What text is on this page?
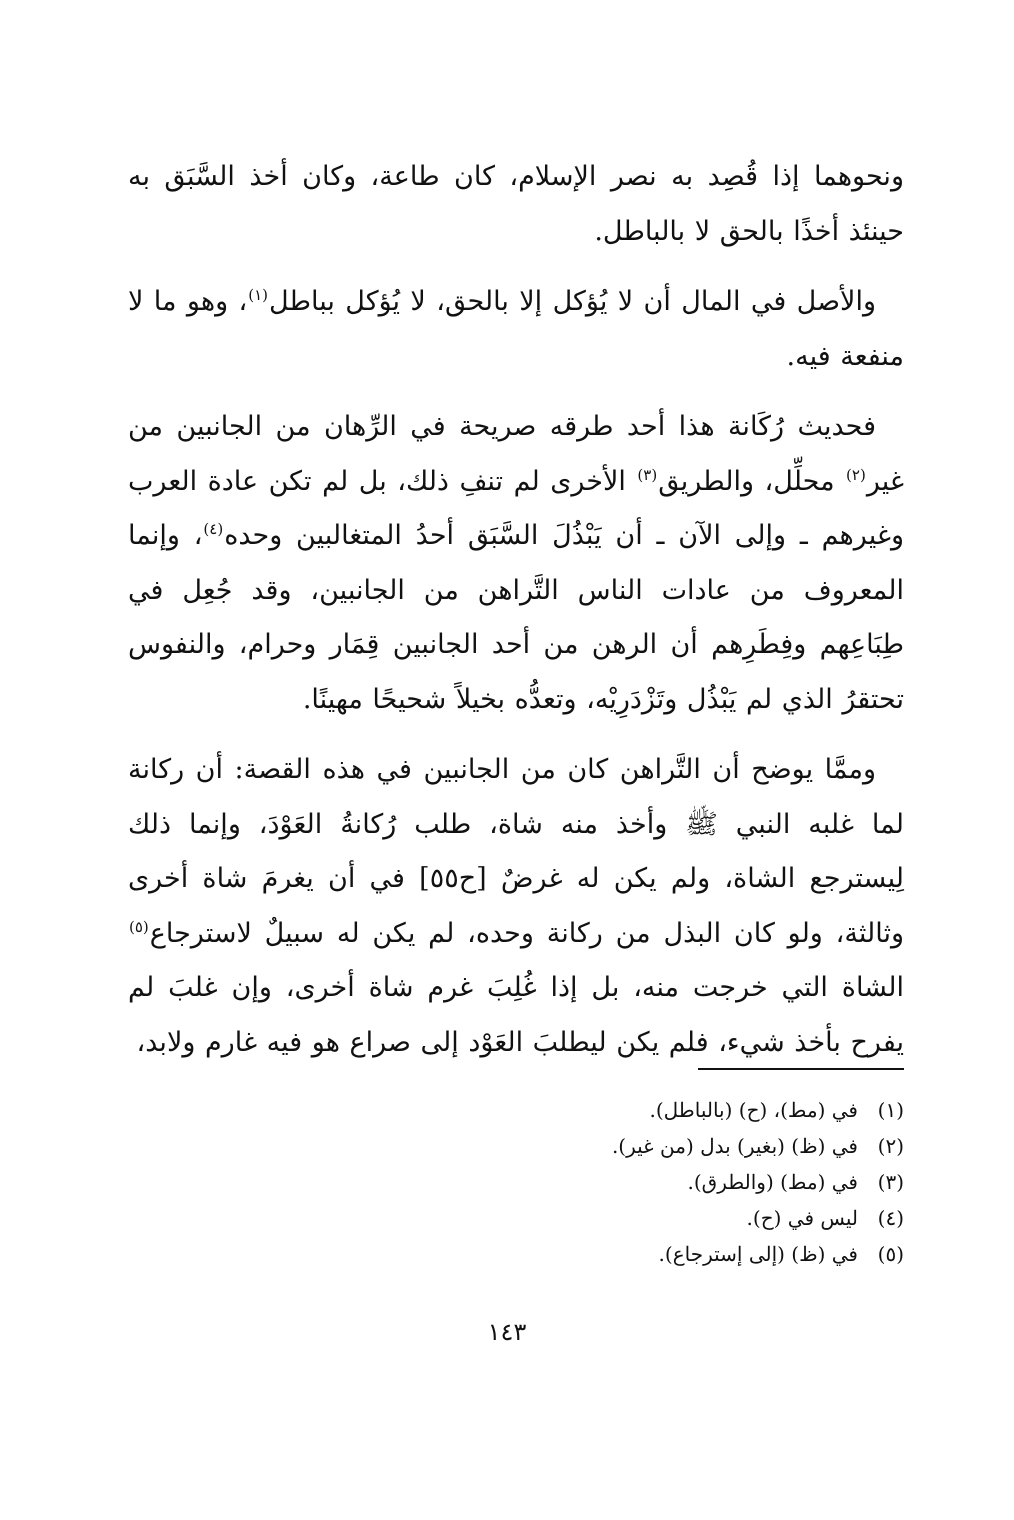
ونحوهما إذا قُصِد به نصر الإسلام، كان طاعة، وكان أخذ السَّبَق به حينئذ أخذًا بالحق لا بالباطل.

والأصل في المال أن لا يُؤكل إلا بالحق، لا يُؤكل بباطل$^{(١)}$، وهو ما لا منفعة فيه.

فحديث رُكَانة هذا أحد طرقه صريحة في الرِّهان من الجانبين من غير$^{(٢)}$ محلِّل، والطريق$^{(٣)}$ الأخرى لم تنفِ ذلك، بل لم تكن عادة العرب وغيرهم ـ وإلى الآن ـ أن يَبْذُلَ السَّبَق أحدُ المتغالبين وحده$^{(٤)}$، وإنما المعروف من عادات الناس التَّراهن من الجانبين، وقد جُعِل في طِبَاعِهم وفِطَرِهم أن الرهن من أحد الجانبين قِمَار وحرام، والنفوس تحتقرُ الذي لم يَبْذُل وتَزْدَرِيْه، وتعدُّه بخيلاً شحيحًا مهينًا.

وممَّا يوضح أن التَّراهن كان من الجانبين في هذه القصة: أن ركانة لما غلبه النبي ﷺ وأخذ منه شاة، طلب رُكانةُ العَوْدَ، وإنما ذلك لِيسترجع الشاة، ولم يكن له غرضٌ [ح٥٥] في أن يغرمَ شاة أخرى وثالثة، ولو كان البذل من ركانة وحده، لم يكن له سبيلٌ لاسترجاع$^{(٥)}$ الشاة التي خرجت منه، بل إذا غُلِبَ غرم شاة أخرى، وإن غلبَ لم يفرح بأخذ شيء، فلم يكن ليطلبَ العَوْد إلى صراع هو فيه غارم ولابد،

(١)في (مط)، (ح) (بالباطل).
(٢)في (ظ) (بغير) بدل (من غير).
(٣)في (مط) (والطرق).
(٤)ليس في (ح).
(٥)في (ظ) (إلى إسترجاع).
١٤٣
